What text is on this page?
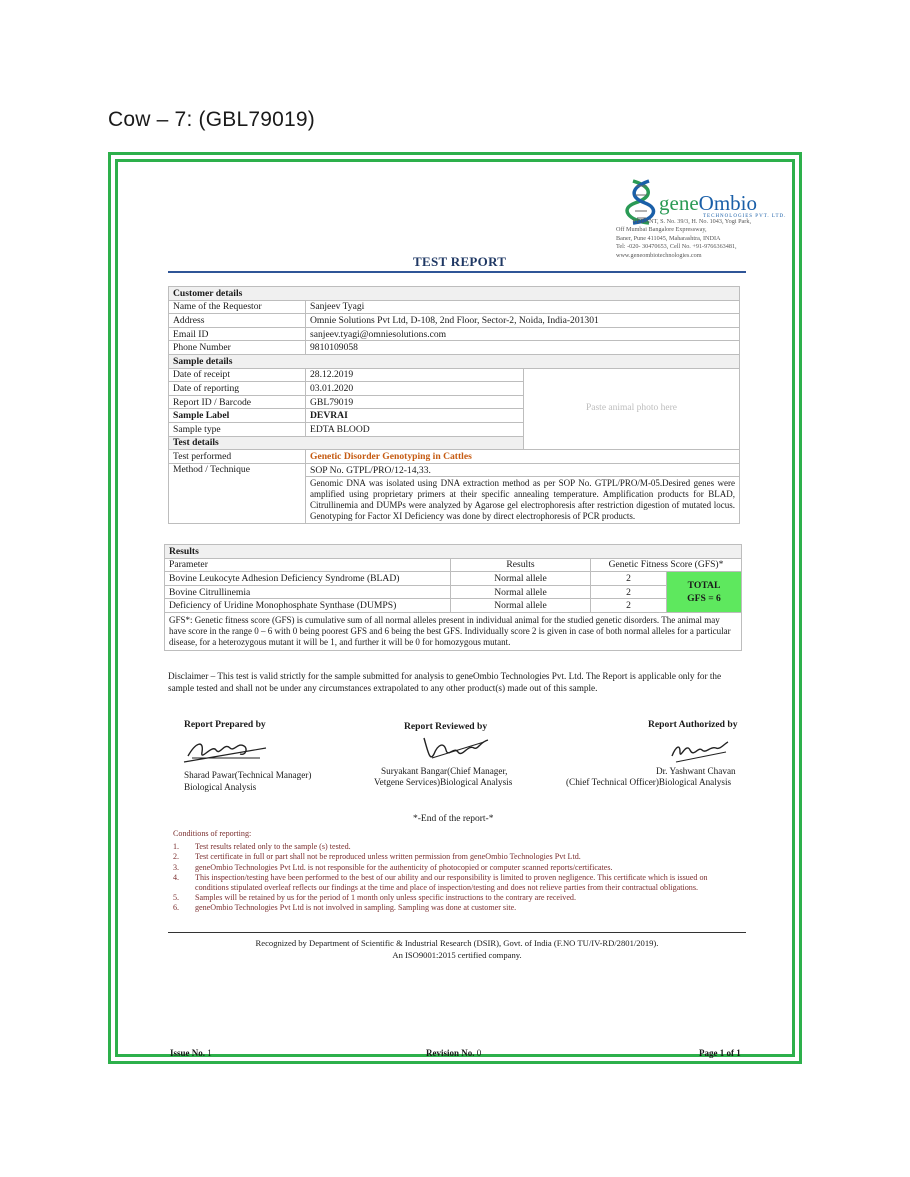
Cow – 7: (GBL79019)
geneOmbio
TECHNOLOGIES PVT. LTD.
VEDANT, S. No. 39/3, H. No. 1043, Yogi Park,
Off Mumbai Bangalore Expressway,
Baner, Pune 411045, Maharashtra, INDIA
Tel: -020- 30470653, Cell No. +91-9766363481,
www.geneombiotechnologies.com
TEST REPORT
Customer details		
Name of the Requestor	Sanjeev Tyagi	
Address	Omnie Solutions Pvt Ltd, D-108, 2nd Floor, Sector-2, Noida, India-201301	
Email ID	sanjeev.tyagi@omniesolutions.com	
Phone Number	9810109058	
Sample details		
Date of receipt	28.12.2019	Paste animal photo here
Date of reporting	03.01.2020	
Report ID / Barcode	GBL79019	
Sample Label	DEVRAI	
Sample type	EDTA BLOOD	
Test details		
Test performed	Genetic Disorder Genotyping in Cattles	
Method / Technique	SOP No. GTPL/PRO/12-14,33.	
	Genomic DNA was isolated using DNA extraction method as per SOP No. GTPL/PRO/M-05.Desired genes were amplified using proprietary primers at their specific annealing temperature. Amplification products for BLAD, Citrullinemia and DUMPs were analyzed by Agarose gel electrophoresis after restriction digestion of mutated locus. Genotyping for Factor XI Deficiency was done by direct electrophoresis of PCR products.	
Results			
Parameter	Results	Genetic Fitness Score (GFS)*	
Bovine Leukocyte Adhesion Deficiency Syndrome (BLAD)	Normal allele	2	TOTAL
GFS = 6

Bovine Citrullinemia	Normal allele	2	
Deficiency of Uridine Monophosphate Synthase (DUMPS)	Normal allele	2	
GFS*: Genetic fitness score (GFS) is cumulative sum of all normal alleles present in individual animal for the studied genetic disorders. The animal may have score in the range 0 – 6 with 0 being poorest GFS and 6 being the best GFS. Individually score 2 is given in case of both normal alleles for a particular disease, for a heterozygous mutant it will be 1, and further it will be 0 for homozygous mutant.			
Disclaimer – This test is valid strictly for the sample submitted for analysis to geneOmbio Technologies Pvt. Ltd. The Report is applicable only for the sample tested and shall not be under any circumstances extrapolated to any other product(s) made out of this sample.
Report Prepared by
Sharad Pawar(Technical Manager)
Biological Analysis
Report Reviewed by
Suryakant Bangar(Chief Manager,
Vetgene Services)Biological Analysis
Report Authorized by
Dr. Yashwant Chavan
(Chief Technical Officer)Biological Analysis
*-End of the report-*
Conditions of reporting:
1.	Test results related only to the sample (s) tested.
2.	Test certificate in full or part shall not be reproduced unless written permission from geneOmbio Technologies Pvt Ltd.
3.	geneOmbio Technologies Pvt Ltd. is not responsible for the authenticity of photocopied or computer scanned reports/certificates.
4.	This inspection/testing have been performed to the best of our ability and our responsibility is limited to proven negligence. This certificate which is issued on conditions stipulated overleaf reflects our findings at the time and place of inspection/testing and does not relieve parties from their contractual obligations.
5.	Samples will be retained by us for the period of 1 month only unless specific instructions to the contrary are received.
6.	geneOmbio Technologies Pvt Ltd is not involved in sampling. Sampling was done at customer site.
Recognized by Department of Scientific & Industrial Research (DSIR), Govt. of India (F.NO TU/IV-RD/2801/2019).
An ISO9001:2015 certified company.
Issue No. 1	Revision No. 0	Page 1 of 1
